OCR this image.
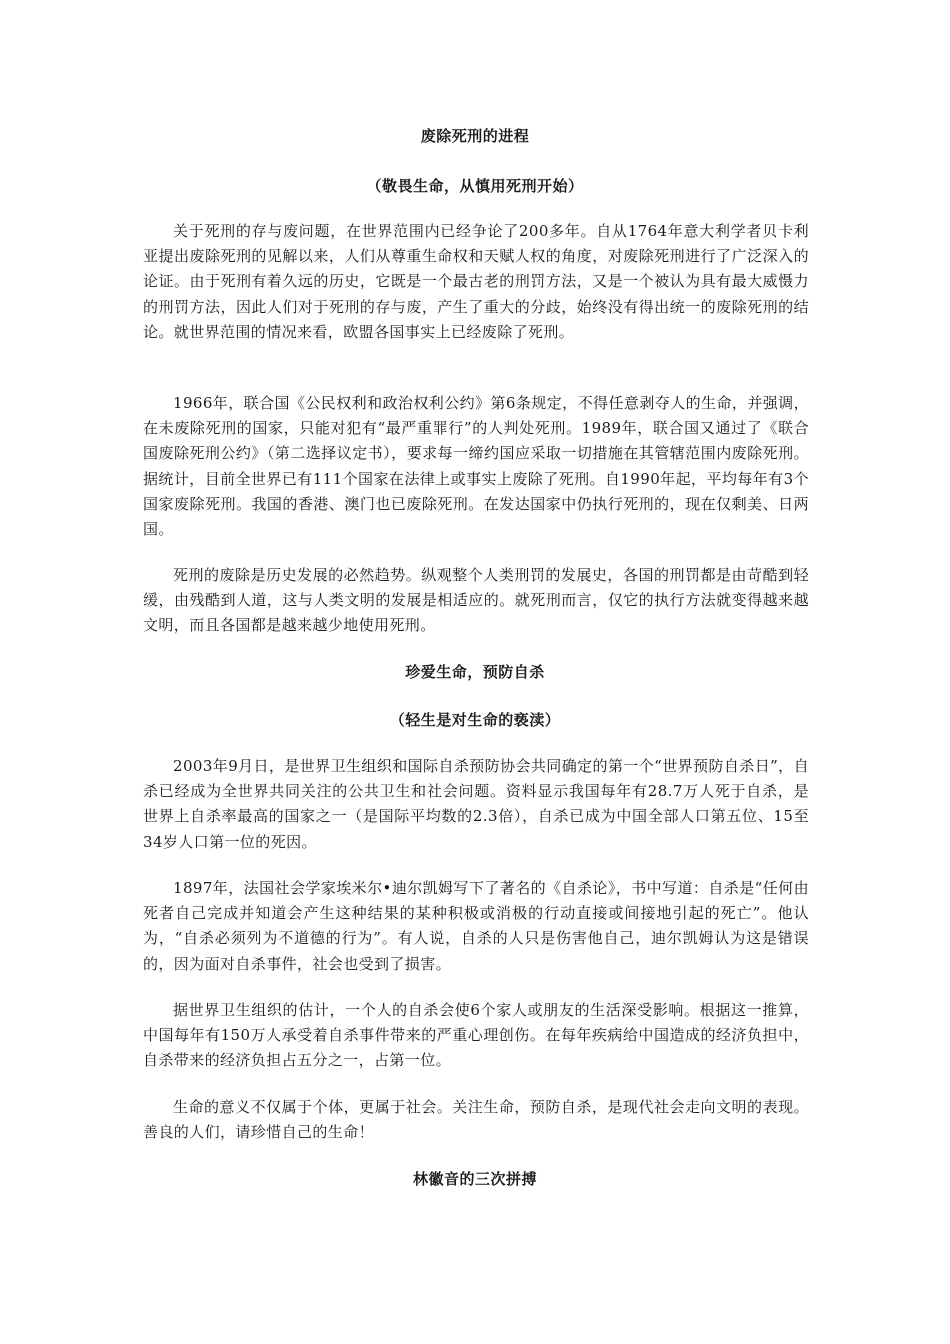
废除死刑的进程
（敬畏生命，从慎用死刑开始）

关于死刑的存与废问题，在世界范围内已经争论了200多年。自从1764年意大利学者贝卡利亚提出废除死刑的见解以来，人们从尊重生命权和天赋人权的角度，对废除死刑进行了广泛深入的论证。由于死刑有着久远的历史，它既是一个最古老的刑罚方法，又是一个被认为具有最大威慑力的刑罚方法，因此人们对于死刑的存与废，产生了重大的分歧，始终没有得出统一的废除死刑的结论。就世界范围的情况来看，欧盟各国事实上已经废除了死刑。

1966年，联合国《公民权利和政治权利公约》第6条规定，不得任意剥夺人的生命，并强调，在未废除死刑的国家，只能对犯有“最严重罪行”的人判处死刑。1989年，联合国又通过了《联合国废除死刑公约》（第二选择议定书），要求每一缔约国应采取一切措施在其管辖范围内废除死刑。据统计，目前全世界已有111个国家在法律上或事实上废除了死刑。自1990年起，平均每年有3个国家废除死刑。我国的香港、澳门也已废除死刑。在发达国家中仍执行死刑的，现在仅剩美、日两国。

死刑的废除是历史发展的必然趋势。纵观整个人类刑罚的发展史，各国的刑罚都是由苛酷到轻缓，由残酷到人道，这与人类文明的发展是相适应的。就死刑而言，仅它的执行方法就变得越来越文明，而且各国都是越来越少地使用死刑。

珍爱生命，预防自杀
（轻生是对生命的亵渎）

2003年9月日，是世界卫生组织和国际自杀预防协会共同确定的第一个“世界预防自杀日”，自杀已经成为全世界共同关注的公共卫生和社会问题。资料显示我国每年有28.7万人死于自杀，是世界上自杀率最高的国家之一（是国际平均数的2.3倍），自杀已成为中国全部人口第五位、15至34岁人口第一位的死因。

1897年，法国社会学家埃米尔•迪尔凯姆写下了著名的《自杀论》，书中写道：自杀是“任何由死者自己完成并知道会产生这种结果的某种积极或消极的行动直接或间接地引起的死亡”。他认为，“自杀必须列为不道德的行为”。有人说，自杀的人只是伤害他自己，迪尔凯姆认为这是错误的，因为面对自杀事件，社会也受到了损害。

据世界卫生组织的估计，一个人的自杀会使6个家人或朋友的生活深受影响。根据这一推算，中国每年有150万人承受着自杀事件带来的严重心理创伤。在每年疾病给中国造成的经济负担中，自杀带来的经济负担占五分之一，占第一位。

生命的意义不仅属于个体，更属于社会。关注生命，预防自杀，是现代社会走向文明的表现。善良的人们，请珍惜自己的生命！

林徽音的三次拼搏
